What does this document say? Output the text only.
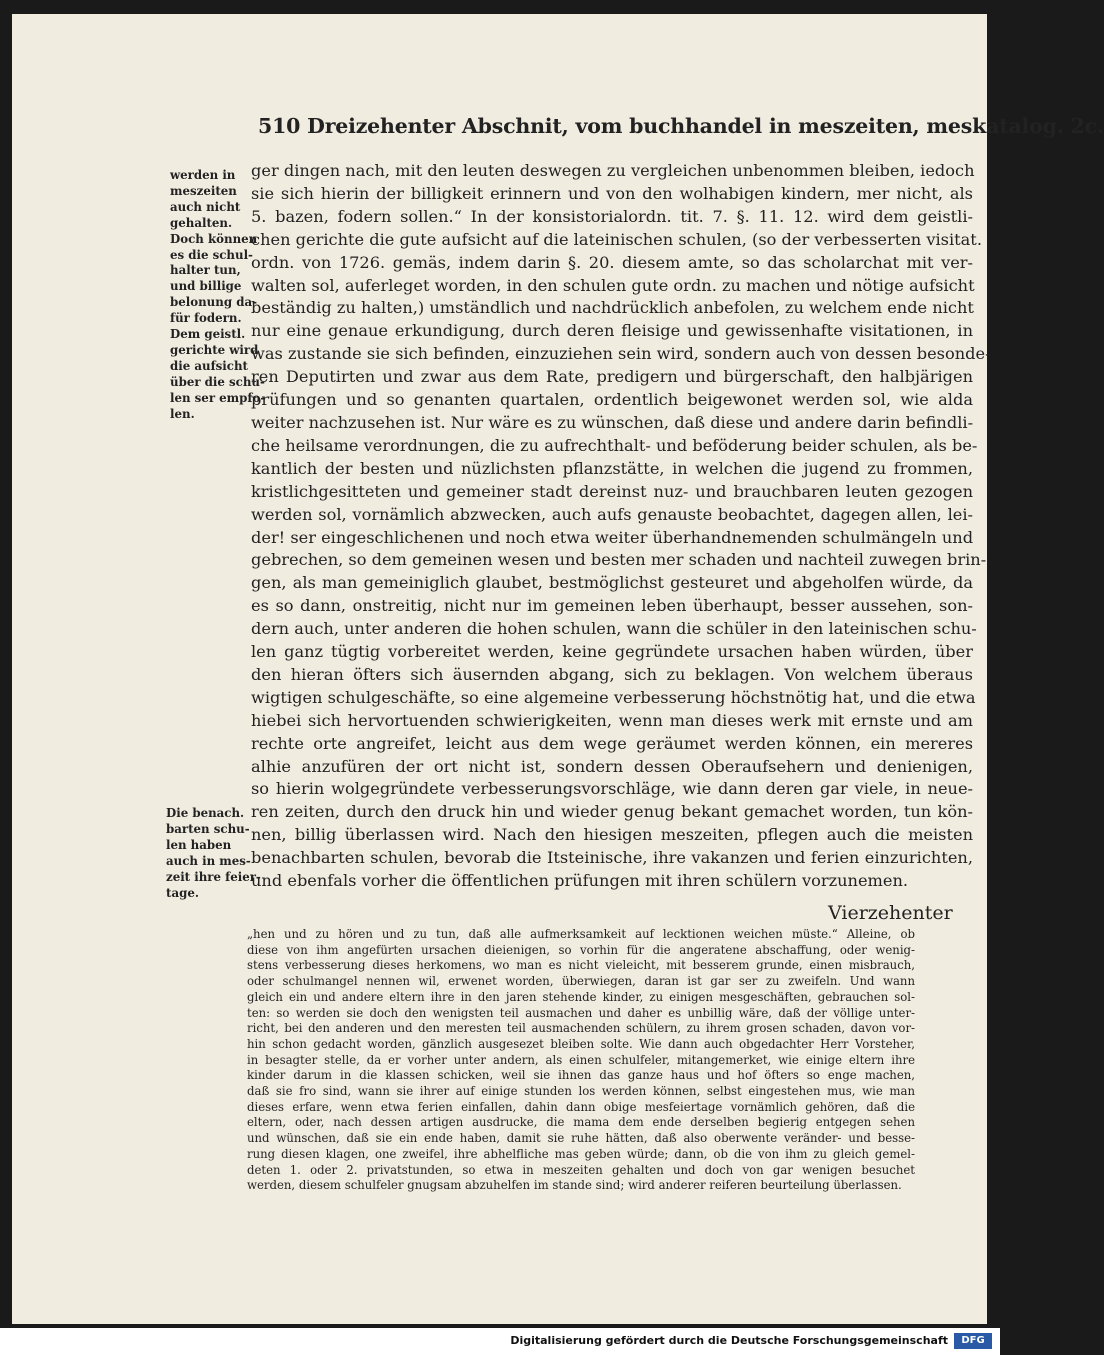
510 Dreizehenter Abschnit, vom buchhandel in meszeiten, meskatalog. 2c.
werden in
meszeiten
auch nicht
gehalten.
Doch können
es die schul-
halter tun,
und billige
belonung da-
für fodern.
Dem geistl.
gerichte wird
die aufsicht
über die schu-
len ser empfo-
len.
Die benach.
barten schu-
len haben
auch in mes-
zeit ihre feier-
tage.
ger dingen nach, mit den leuten deswegen zu vergleichen unbenommen bleiben, iedoch
sie sich hierin der billigkeit erinnern und von den wolhabigen kindern, mer nicht, als
5. bazen, fodern sollen.“ In der konsistorialordn. tit. 7. §. 11. 12. wird dem geistli-
chen gerichte die gute aufsicht auf die lateinischen schulen, (so der verbesserten visitat.
ordn. von 1726. gemäs, indem darin §. 20. diesem amte, so das scholarchat mit ver-
walten sol, auferleget worden, in den schulen gute ordn. zu machen und nötige aufsicht
beständig zu halten,) umständlich und nachdrücklich anbefolen, zu welchem ende nicht
nur eine genaue erkundigung, durch deren fleisige und gewissenhafte visitationen, in
was zustande sie sich befinden, einzuziehen sein wird, sondern auch von dessen besonde-
ren Deputirten und zwar aus dem Rate, predigern und bürgerschaft, den halbjärigen
prüfungen und so genanten quartalen, ordentlich beigewonet werden sol, wie alda
weiter nachzusehen ist. Nur wäre es zu wünschen, daß diese und andere darin befindli-
che heilsame verordnungen, die zu aufrechthalt- und beföderung beider schulen, als be-
kantlich der besten und nüzlichsten pflanzstätte, in welchen die jugend zu frommen,
kristlichgesitteten und gemeiner stadt dereinst nuz- und brauchbaren leuten gezogen
werden sol, vornämlich abzwecken, auch aufs genauste beobachtet, dagegen allen, lei-
der! ser eingeschlichenen und noch etwa weiter überhandnemenden schulmängeln und
gebrechen, so dem gemeinen wesen und besten mer schaden und nachteil zuwegen brin-
gen, als man gemeiniglich glaubet, bestmöglichst gesteuret und abgeholfen würde, da
es so dann, onstreitig, nicht nur im gemeinen leben überhaupt, besser aussehen, son-
dern auch, unter anderen die hohen schulen, wann die schüler in den lateinischen schu-
len ganz tügtig vorbereitet werden, keine gegründete ursachen haben würden, über
den hieran öfters sich äusernden abgang, sich zu beklagen. Von welchem überaus
wigtigen schulgeschäfte, so eine algemeine verbesserung höchstnötig hat, und die etwa
hiebei sich hervortuenden schwierigkeiten, wenn man dieses werk mit ernste und am
rechte orte angreifet, leicht aus dem wege geräumet werden können, ein mereres
alhie anzufüren der ort nicht ist, sondern dessen Oberaufsehern und denienigen,
so hierin wolgegründete verbesserungsvorschläge, wie dann deren gar viele, in neue-
ren zeiten, durch den druck hin und wieder genug bekant gemachet worden, tun kön-
nen, billig überlassen wird. Nach den hiesigen meszeiten, pflegen auch die meisten
benachbarten schulen, bevorab die Itsteinische, ihre vakanzen und ferien einzurichten,
und ebenfals vorher die öffentlichen prüfungen mit ihren schülern vorzunemen.
Vierzehenter
„hen und zu hören und zu tun, daß alle aufmerksamkeit auf lecktionen weichen müste.“ Alleine, ob
diese von ihm angefürten ursachen dieienigen, so vorhin für die angeratene abschaffung, oder wenig-
stens verbesserung dieses herkomens, wo man es nicht vieleicht, mit besserem grunde, einen misbrauch,
oder schulmangel nennen wil, erwenet worden, überwiegen, daran ist gar ser zu zweifeln. Und wann
gleich ein und andere eltern ihre in den jaren stehende kinder, zu einigen mesgeschäften, gebrauchen sol-
ten: so werden sie doch den wenigsten teil ausmachen und daher es unbillig wäre, daß der völlige unter-
richt, bei den anderen und den meresten teil ausmachenden schülern, zu ihrem grosen schaden, davon vor-
hin schon gedacht worden, gänzlich ausgesezet bleiben solte. Wie dann auch obgedachter Herr Vorsteher,
in besagter stelle, da er vorher unter andern, als einen schulfeler, mitangemerket, wie einige eltern ihre
kinder darum in die klassen schicken, weil sie ihnen das ganze haus und hof öfters so enge machen,
daß sie fro sind, wann sie ihrer auf einige stunden los werden können, selbst eingestehen mus, wie man
dieses erfare, wenn etwa ferien einfallen, dahin dann obige mesfeiertage vornämlich gehören, daß die
eltern, oder, nach dessen artigen ausdrucke, die mama dem ende derselben begierig entgegen sehen
und wünschen, daß sie ein ende haben, damit sie ruhe hätten, daß also oberwente veränder- und besse-
rung diesen klagen, one zweifel, ihre abhelfliche mas geben würde; dann, ob die von ihm zu gleich gemel-
deten 1. oder 2. privatstunden, so etwa in meszeiten gehalten und doch von gar wenigen besuchet
werden, diesem schulfeler gnugsam abzuhelfen im stande sind; wird anderer reiferen beurteilung überlassen.
Digitalisierung gefördert durch die Deutsche Forschungsgemeinschaft	DFG
